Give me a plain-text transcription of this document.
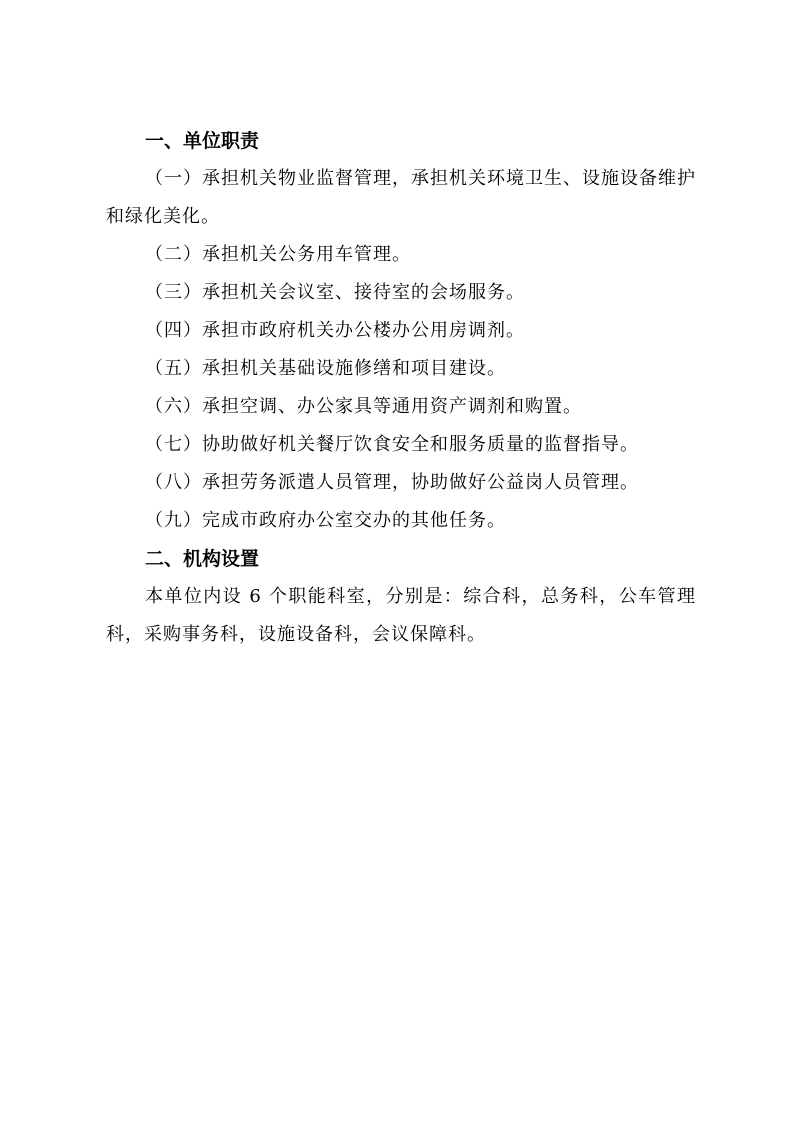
一、单位职责
（一）承担机关物业监督管理，承担机关环境卫生、设施设备维护和绿化美化。
（二）承担机关公务用车管理。
（三）承担机关会议室、接待室的会场服务。
（四）承担市政府机关办公楼办公用房调剂。
（五）承担机关基础设施修缮和项目建设。
（六）承担空调、办公家具等通用资产调剂和购置。
（七）协助做好机关餐厅饮食安全和服务质量的监督指导。
（八）承担劳务派遣人员管理，协助做好公益岗人员管理。
（九）完成市政府办公室交办的其他任务。
二、机构设置
本单位内设 6 个职能科室，分别是：综合科，总务科，公车管理科，采购事务科，设施设备科，会议保障科。
